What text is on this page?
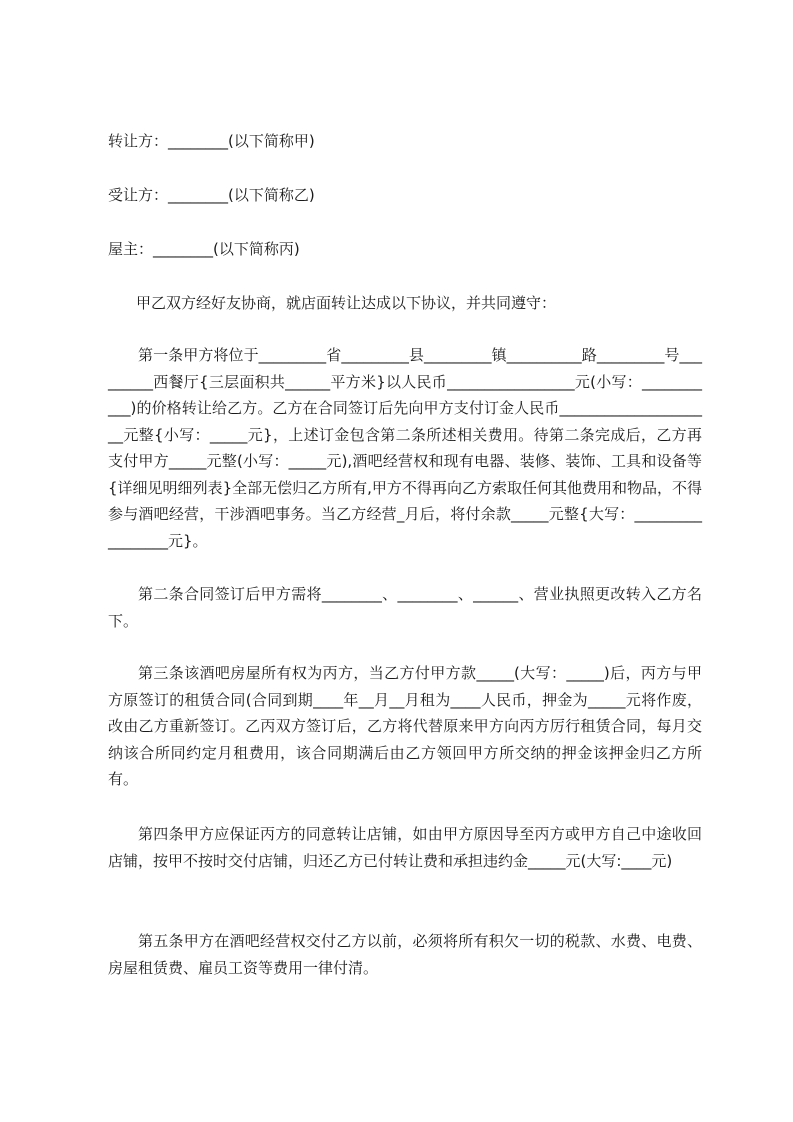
转让方：________(以下简称甲)
受让方：________(以下简称乙)
屋主：________(以下简称丙)
甲乙双方经好友协商，就店面转让达成以下协议，并共同遵守：
第一条甲方将位于_________省_________县_________镇__________路_________号_________西餐厅{三层面积共______平方米}以人民币_________________元(小写：___________)的价格转让给乙方。乙方在合同签订后先向甲方支付订金人民币_____________________元整{小写：_____元}，上述订金包含第二条所述相关费用。待第二条完成后，乙方再支付甲方_____元整(小写：_____元),酒吧经营权和现有电器、装修、装饰、工具和设备等{详细见明细列表}全部无偿归乙方所有,甲方不得再向乙方索取任何其他费用和物品，不得参与酒吧经营，干涉酒吧事务。当乙方经营_月后，将付余款_____元整{大写：_________________元}。
第二条合同签订后甲方需将________、________、______、营业执照更改转入乙方名下。
第三条该酒吧房屋所有权为丙方，当乙方付甲方款_____(大写：_____)后，丙方与甲方原签订的租赁合同(合同到期____年__月__月租为____人民币，押金为_____元将作废，改由乙方重新签订。乙丙双方签订后，乙方将代替原来甲方向丙方厉行租赁合同，每月交纳该合所同约定月租费用，该合同期满后由乙方领回甲方所交纳的押金该押金归乙方所有。
第四条甲方应保证丙方的同意转让店铺，如由甲方原因导至丙方或甲方自己中途收回店铺，按甲不按时交付店铺，归还乙方已付转让费和承担违约金_____元(大写:____元)
第五条甲方在酒吧经营权交付乙方以前，必须将所有积欠一切的税款、水费、电费、房屋租赁费、雇员工资等费用一律付清。
